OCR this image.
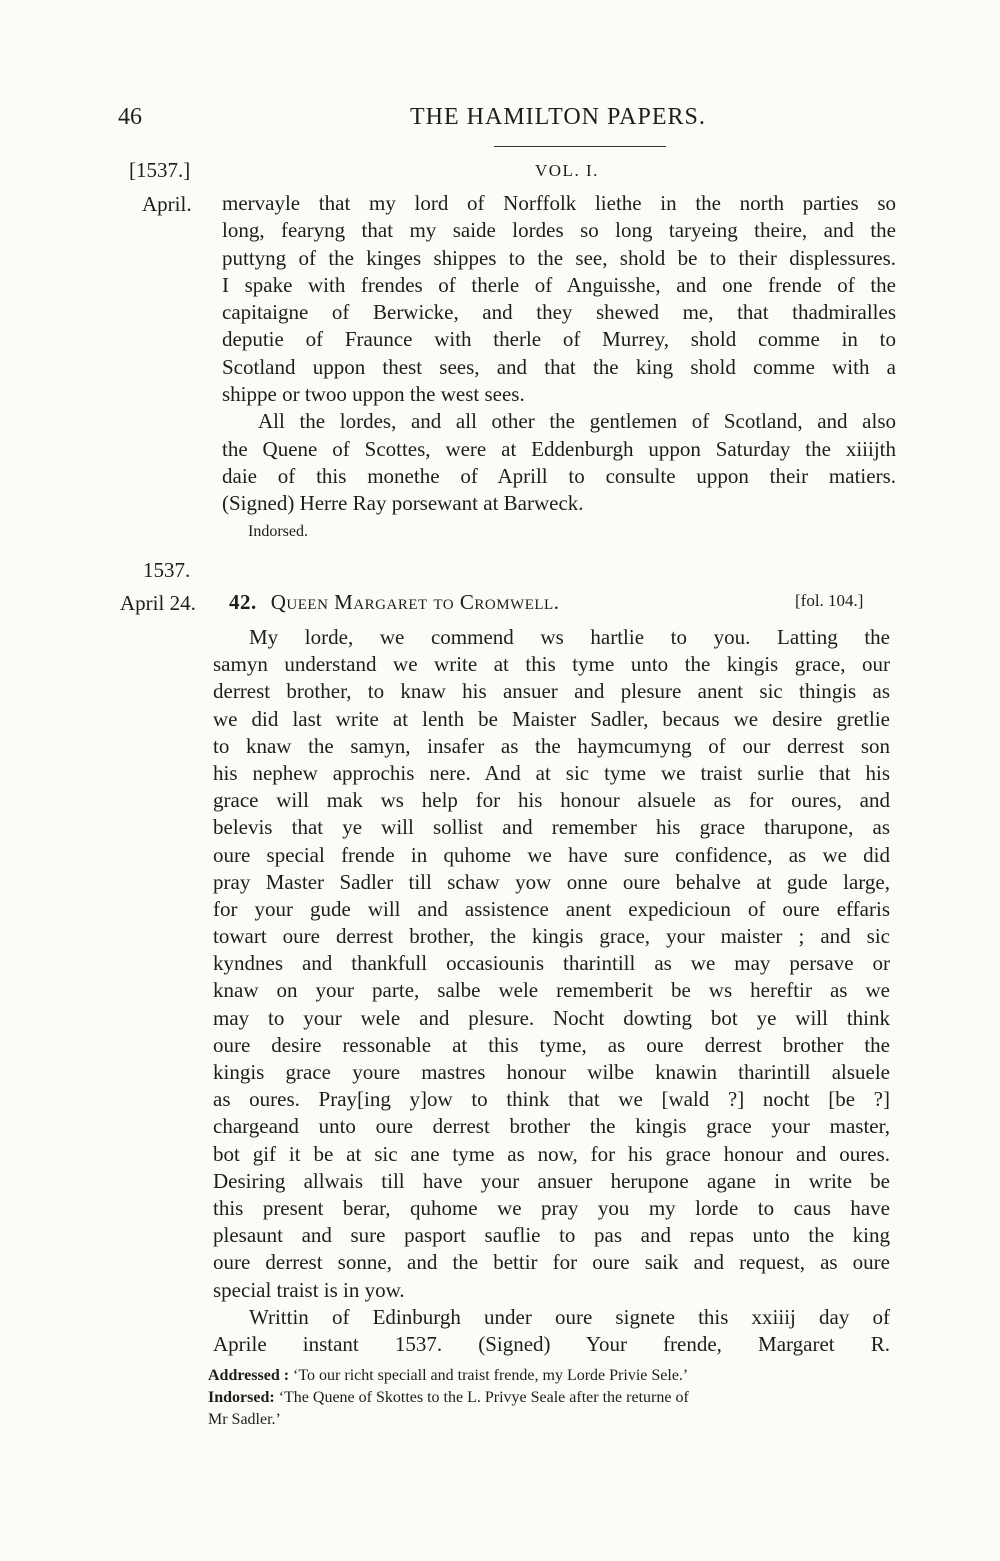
46	THE HAMILTON PAPERS.
[1537.]	VOL. I.
April. mervayle that my lord of Norffolk liethe in the north parties so
long, fearyng that my saide lordes so long taryeing theire, and the
puttyng of the kinges shippes to the see, shold be to their displessures.
I spake with frendes of therle of Anguisshe, and one frende of the
capitaigne of Berwicke, and they shewed me, that thadmiralles
deputie of Fraunce with therle of Murrey, shold comme in to
Scotland uppon thest sees, and that the king shold comme with a
shippe or twoo uppon the west sees.
All the lordes, and all other the gentlemen of Scotland, and also
the Quene of Scottes, were at Eddenburgh uppon Saturday the xiiijth
daie of this monethe of Aprill to consulte uppon their matiers.
(Signed) Herre Ray porsewant at Barweck.
Indorsed.
1537.
April 24. 42. Queen Margaret to Cromwell.	[fol. 104.]
My lorde, we commend ws hartlie to you. Latting the
samyn understand we write at this tyme unto the kingis grace, our
derrest brother, to knaw his ansuer and plesure anent sic thingis as
we did last write at lenth be Maister Sadler, becaus we desire gretlie
to knaw the samyn, insafer as the haymcumyng of our derrest son
his nephew approchis nere. And at sic tyme we traist surlie that his
grace will mak ws help for his honour alsuele as for oures, and
belevis that ye will sollist and remember his grace tharupone, as
oure special frende in quhome we have sure confidence, as we did
pray Master Sadler till schaw yow onne oure behalve at gude large,
for your gude will and assistence anent expedicioun of oure effaris
towart oure derrest brother, the kingis grace, your maister ; and sic
kyndnes and thankfull occasiounis tharintill as we may persave or
knaw on your parte, salbe wele rememberit be ws hereftir as we
may to your wele and plesure. Nocht dowting bot ye will think
oure desire ressonable at this tyme, as oure derrest brother the
kingis grace youre mastres honour wilbe knawin tharintill alsuele
as oures. Pray[ing y]ow to think that we [wald ?] nocht [be ?]
chargeand unto oure derrest brother the kingis grace your master,
bot gif it be at sic ane tyme as now, for his grace honour and oures.
Desiring allwais till have your ansuer herupone agane in write be
this present berar, quhome we pray you my lorde to caus have
plesaunt and sure pasport sauflie to pas and repas unto the king
oure derrest sonne, and the bettir for oure saik and request, as oure
special traist is in yow.
Writtin of Edinburgh under oure signete this xxiiij day of
Aprile instant 1537. (Signed) Your frende, Margaret R.
Addressed : ‘To our richt speciall and traist frende, my Lorde Privie Sele.’
Indorsed: ‘The Quene of Skottes to the L. Privye Seale after the returne of
Mr Sadler.’
